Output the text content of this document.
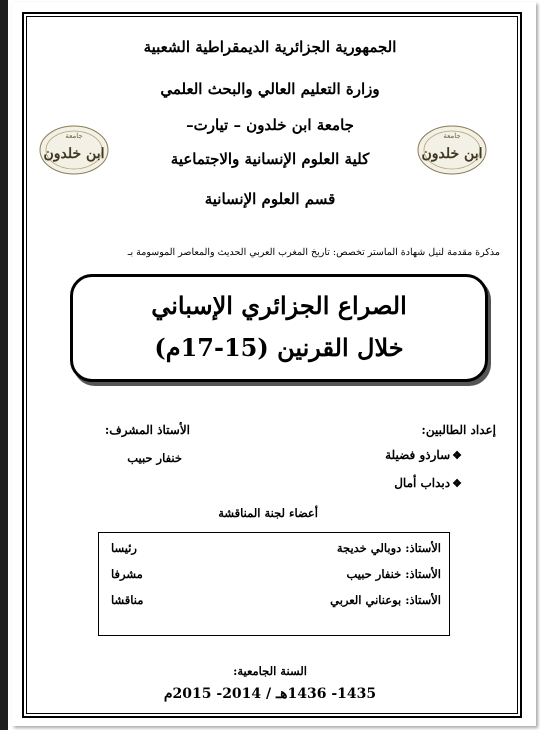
الجمهورية الجزائرية الديمقراطية الشعبية
وزارة التعليم العالي والبحث العلمي
جامعة ابن خلدون – تيارت–
كلية العلوم الإنسانية والاجتماعية
قسم العلوم الإنسانية
جامعة
ابن خلدون
جامعة
ابن خلدون
مذكرة مقدمة لنيل شهادة الماستر تخصص: تاريخ المغرب العربي الحديث والمعاصر الموسومة بـ
الصراع الجزائري الإسباني
خلال القرنين (15-17م)
إعداد الطالبين:
❖سارذو فضيلة
❖دبداب أمال
الأستاذ المشرف:
خنفار حبيب
أعضاء لجنة المناقشة
الأستاذ: دوبالي خديجة
رئيسا
الأستاذ: خنفار حبيب
مشرفا
الأستاذ: بوعناني العربي
مناقشا
السنة الجامعية:
1435- 1436هـ / 2014- 2015م
